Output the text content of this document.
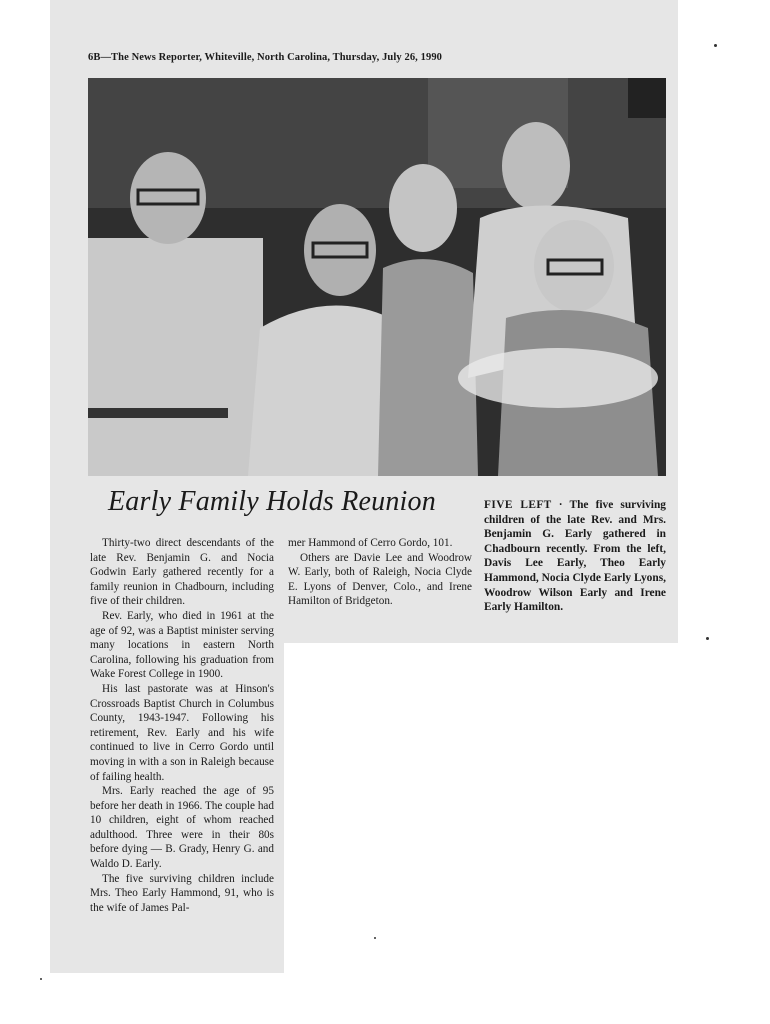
6B—The News Reporter, Whiteville, North Carolina, Thursday, July 26, 1990
Early Family Holds Reunion

Thirty-two direct descendants of the late Rev. Benjamin G. and Nocia Godwin Early gathered recently for a family reunion in Chadbourn, including five of their children.

Rev. Early, who died in 1961 at the age of 92, was a Baptist minister serving many locations in eastern North Carolina, following his graduation from Wake Forest College in 1900.

His last pastorate was at Hinson's Crossroads Baptist Church in Columbus County, 1943-1947. Following his retirement, Rev. Early and his wife continued to live in Cerro Gordo until moving in with a son in Raleigh because of failing health.

Mrs. Early reached the age of 95 before her death in 1966. The couple had 10 children, eight of whom reached adulthood. Three were in their 80s before dying — B. Grady, Henry G. and Waldo D. Early.

The five surviving children include Mrs. Theo Early Hammond, 91, who is the wife of James Pal-

mer Hammond of Cerro Gordo, 101.

Others are Davie Lee and Woodrow W. Early, both of Raleigh, Nocia Clyde E. Lyons of Denver, Colo., and Irene Hamilton of Bridgeton.

FIVE LEFT · The five surviving children of the late Rev. and Mrs. Benjamin G. Early gathered in Chadbourn recently. From the left, Davis Lee Early, Theo Early Hammond, Nocia Clyde Early Lyons, Woodrow Wilson Early and Irene Early Hamilton.
